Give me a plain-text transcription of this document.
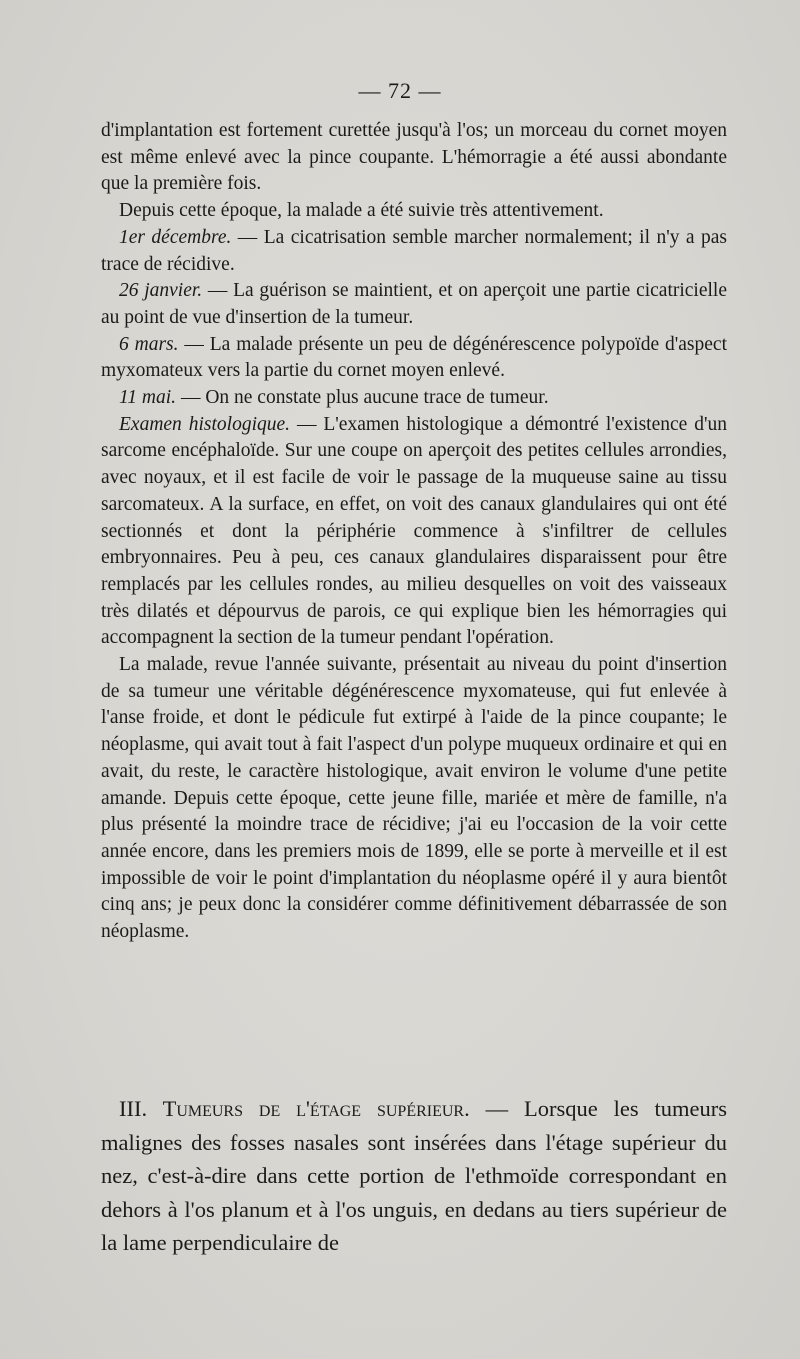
— 72 —

d'implantation est fortement curettée jusqu'à l'os; un morceau du cornet moyen est même enlevé avec la pince coupante. L'hémorragie a été aussi abondante que la première fois.

Depuis cette époque, la malade a été suivie très attentivement.

1er décembre. — La cicatrisation semble marcher normalement; il n'y a pas trace de récidive.

26 janvier. — La guérison se maintient, et on aperçoit une partie cicatricielle au point de vue d'insertion de la tumeur.

6 mars. — La malade présente un peu de dégénérescence polypoïde d'aspect myxomateux vers la partie du cornet moyen enlevé.

11 mai. — On ne constate plus aucune trace de tumeur.

Examen histologique. — L'examen histologique a démontré l'existence d'un sarcome encéphaloïde. Sur une coupe on aperçoit des petites cellules arrondies, avec noyaux, et il est facile de voir le passage de la muqueuse saine au tissu sarcomateux. A la surface, en effet, on voit des canaux glandulaires qui ont été sectionnés et dont la périphérie commence à s'infiltrer de cellules embryonnaires. Peu à peu, ces canaux glandulaires disparaissent pour être remplacés par les cellules rondes, au milieu desquelles on voit des vaisseaux très dilatés et dépourvus de parois, ce qui explique bien les hémorragies qui accompagnent la section de la tumeur pendant l'opération.

La malade, revue l'année suivante, présentait au niveau du point d'insertion de sa tumeur une véritable dégénérescence myxomateuse, qui fut enlevée à l'anse froide, et dont le pédicule fut extirpé à l'aide de la pince coupante; le néoplasme, qui avait tout à fait l'aspect d'un polype muqueux ordinaire et qui en avait, du reste, le caractère histologique, avait environ le volume d'une petite amande. Depuis cette époque, cette jeune fille, mariée et mère de famille, n'a plus présenté la moindre trace de récidive; j'ai eu l'occasion de la voir cette année encore, dans les premiers mois de 1899, elle se porte à merveille et il est impossible de voir le point d'implantation du néoplasme opéré il y aura bientôt cinq ans; je peux donc la considérer comme définitivement débarrassée de son néoplasme.

III. Tumeurs de l'étage supérieur. — Lorsque les tumeurs malignes des fosses nasales sont insérées dans l'étage supérieur du nez, c'est-à-dire dans cette portion de l'ethmoïde correspondant en dehors à l'os planum et à l'os unguis, en dedans au tiers supérieur de la lame perpendiculaire de
